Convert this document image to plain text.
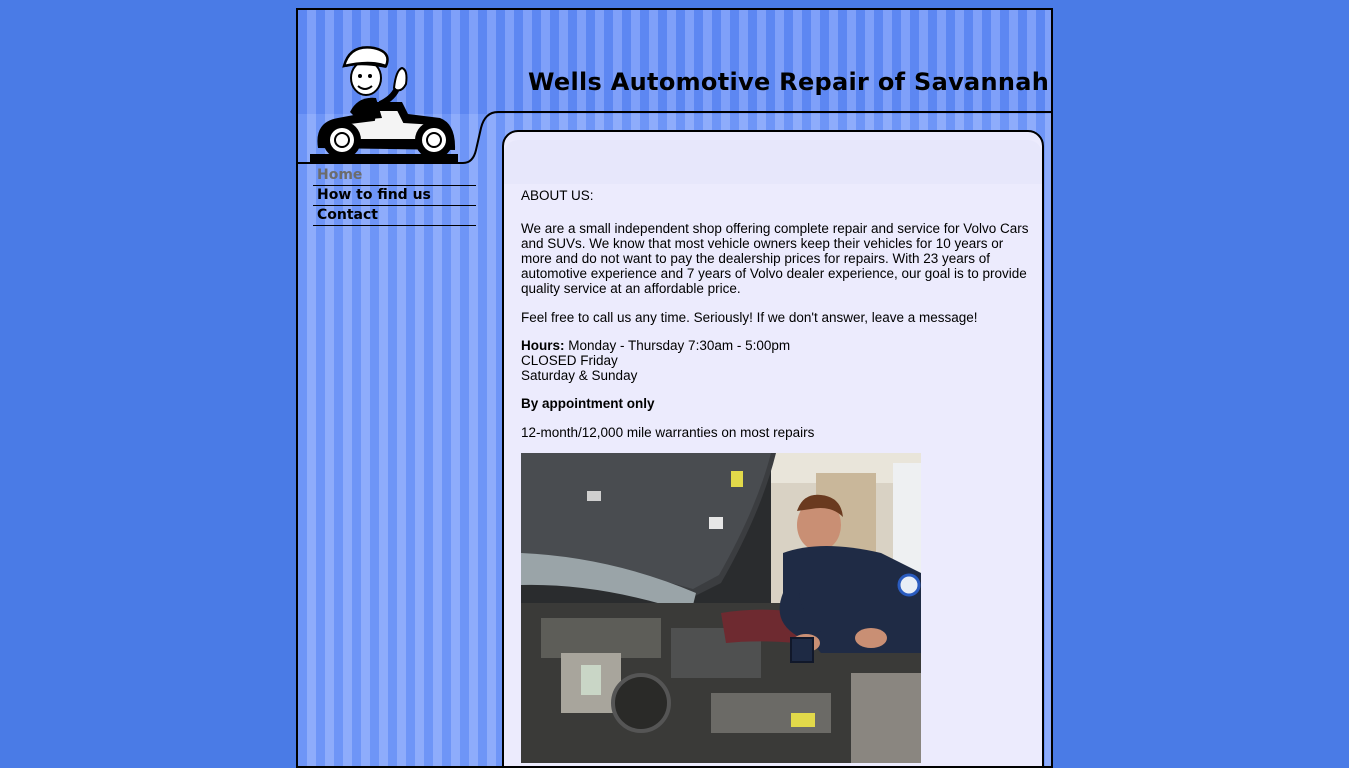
Wells Automotive Repair of Savannah
Home
How to find us
Contact

ABOUT US:

We are a small independent shop offering complete repair and service for Volvo Cars and SUVs. We know that most vehicle owners keep their vehicles for 10 years or more and do not want to pay the dealership prices for repairs. With 23 years of automotive experience and 7 years of Volvo dealer experience, our goal is to provide quality service at an affordable price.

Feel free to call us any time. Seriously! If we don't answer, leave a message!

Hours: Monday - Thursday 7:30am - 5:00pm
CLOSED Friday
Saturday & Sunday

By appointment only

12-month/12,000 mile warranties on most repairs
